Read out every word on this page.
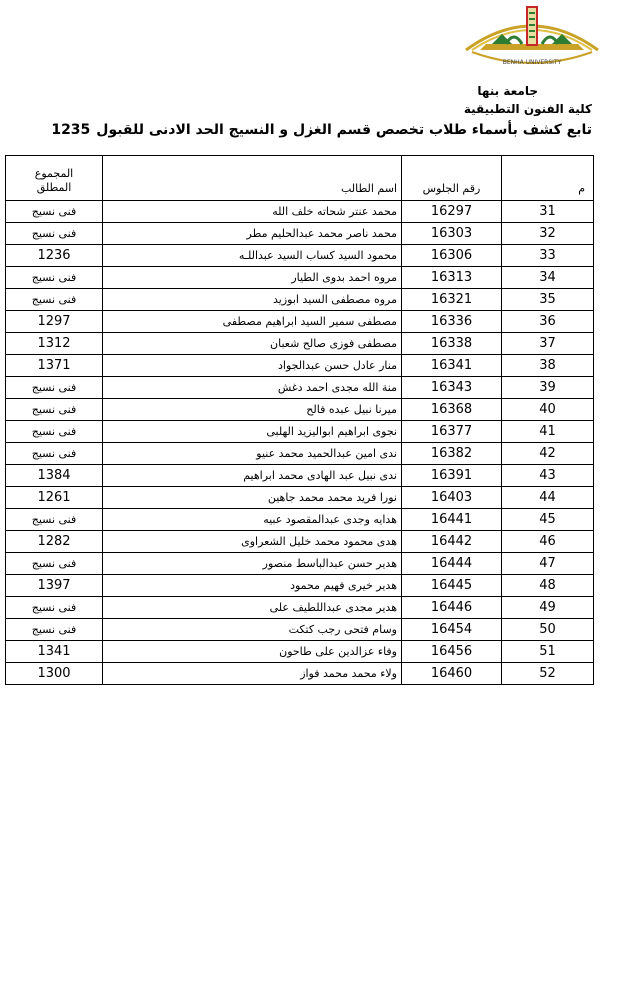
BENHA UNIVERSITY
جامعة بنها
كلية الفنون التطبيقية
تابع كشف بأسماء طلاب تخصص قسم الغزل و النسيج الحد الادنى للقبول1235
المجموع
المطلق	اسم الطالب	رقم الجلوس	م
فنى نسيج	محمد عنتر شحاته خلف الله	16297	31
فنى نسيج	محمد ناصر محمد عبدالحليم مطر	16303	32
1236	محمود السيد كساب السيد عبداللـه	16306	33
فنى نسيج	مروه احمد بدوى الطيار	16313	34
فنى نسيج	مروه مصطفى السيد ابوزيد	16321	35
1297	مصطفى سمير السيد ابراهيم مصطفى	16336	36
1312	مصطفى فوزى صالح شعبان	16338	37
1371	منار عادل حسن عبدالجواد	16341	38
فنى نسيج	منة الله مجدى احمد دغش	16343	39
فنى نسيج	ميرنا نبيل عبده فالح	16368	40
فنى نسيج	نجوى ابراهيم ابواليزيد الهلبى	16377	41
فنى نسيج	ندى امين عبدالحميد محمد عنيو	16382	42
1384	ندى نبيل عبد الهادى محمد ابراهيم	16391	43
1261	نورا فريد محمد محمد جاهين	16403	44
فنى نسيج	هدايه وجدى عبدالمقصود عبيه	16441	45
1282	هدى محمود محمد خليل الشعراوى	16442	46
فنى نسيج	هدير حسن عبدالباسط منصور	16444	47
1397	هدير خيرى فهيم محمود	16445	48
فنى نسيج	هدير مجدى عبداللطيف على	16446	49
فنى نسيج	وسام فتحى رجب كتكت	16454	50
1341	وفاء عزالدين على طاحون	16456	51
1300	ولاء محمد محمد فواز	16460	52
